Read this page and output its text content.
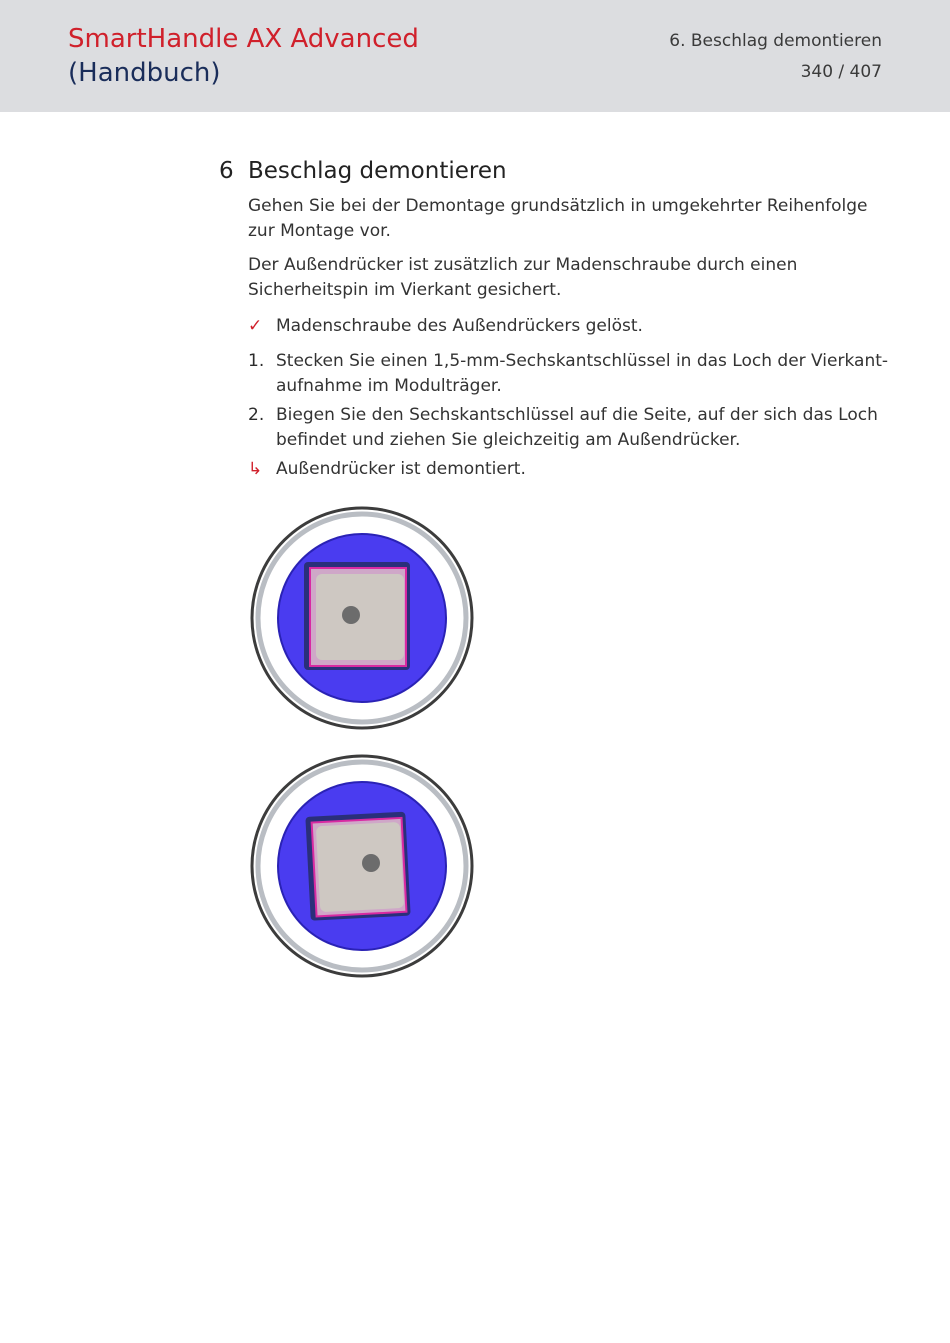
SmartHandle AX Advanced
(Handbuch)
6. Beschlag demontieren
340 / 407
6 Beschlag demontieren
Gehen Sie bei der Demontage grundsätzlich in umgekehrter Reihenfolge zur Montage vor.
Der Außendrücker ist zusätzlich zur Madenschraube durch einen Sicherheitspin im Vierkant gesichert.
✓ Madenschraube des Außendrückers gelöst.
1. Stecken Sie einen 1,5-mm-Sechskantschlüssel in das Loch der Vierkant-aufnahme im Modulträger.
2. Biegen Sie den Sechskantschlüssel auf die Seite, auf der sich das Loch befindet und ziehen Sie gleichzeitig am Außendrücker.
↳ Außendrücker ist demontiert.
